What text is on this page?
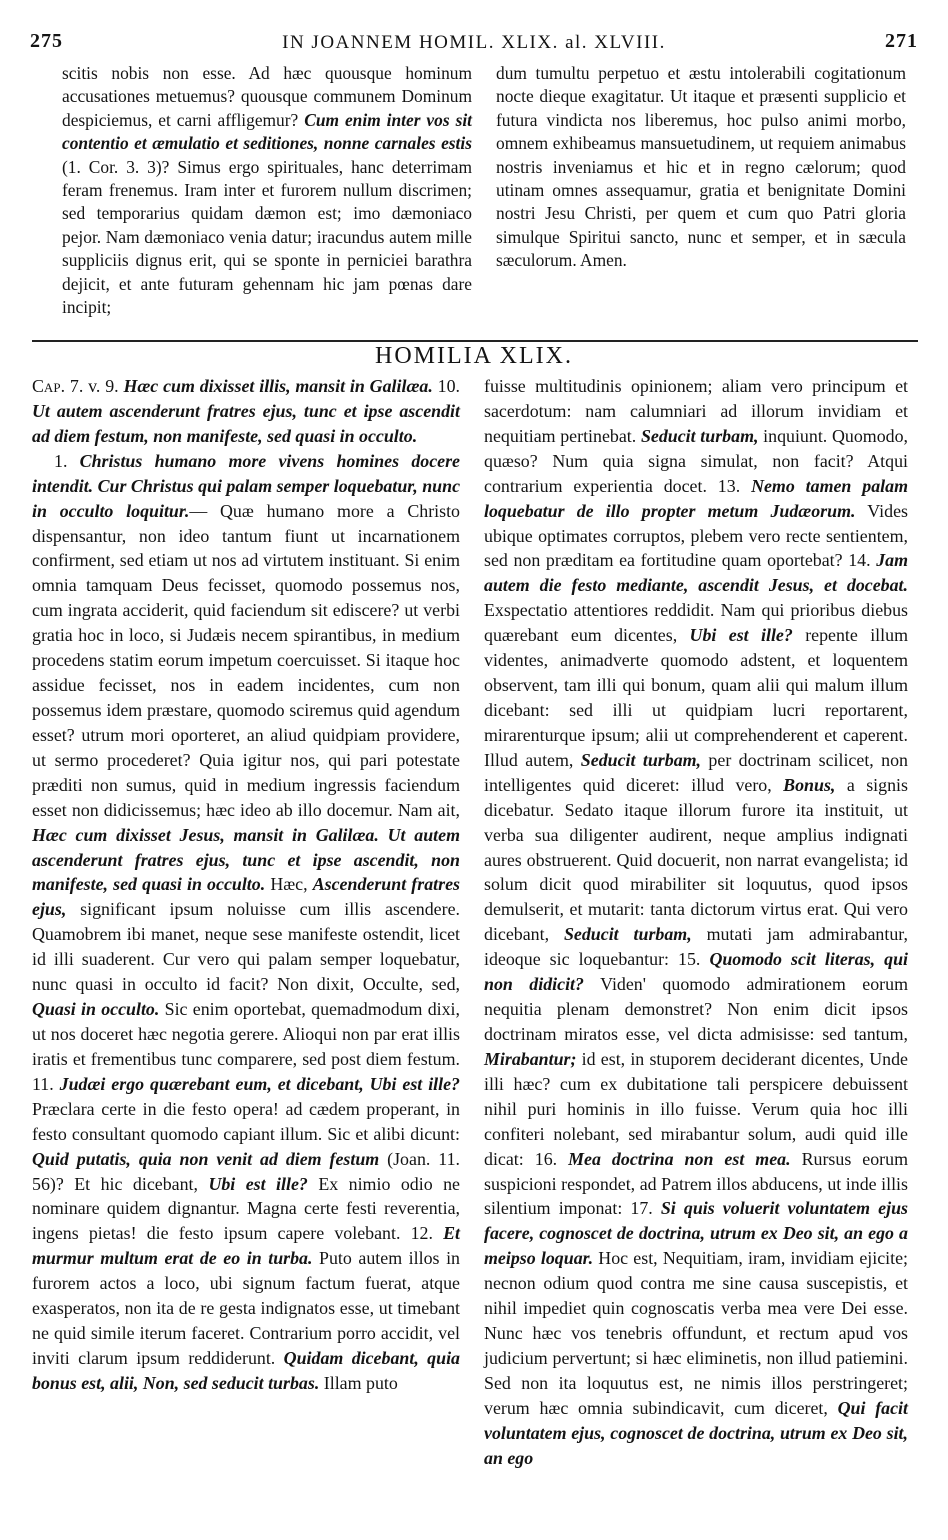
275	IN JOANNEM HOMIL. XLIX. al. XLVIII.	271

scitis nobis non esse. Ad hæc quousque hominum accusationes metuemus? quousque communem Dominum despiciemus, et carni affligemur? Cum enim inter vos sit contentio et æmulatio et seditiones, nonne carnales estis (1. Cor. 3. 3)? Simus ergo spirituales, hanc deterrimam feram frenemus. Iram inter et furorem nullum discrimen; sed temporarius quidam dæmon est; imo dæmoniaco pejor. Nam dæmoniaco venia datur; iracundus autem mille suppliciis dignus erit, qui se sponte in perniciei barathra dejicit, et ante futuram gehennam hic jam pœnas dare incipit;

dum tumultu perpetuo et æstu intolerabili cogitationum nocte dieque exagitatur. Ut itaque et præsenti supplicio et futura vindicta nos liberemus, hoc pulso animi morbo, omnem exhibeamus mansuetudinem, ut requiem animabus nostris inveniamus et hic et in regno cælorum; quod utinam omnes assequamur, gratia et benignitate Domini nostri Jesu Christi, per quem et cum quo Patri gloria simulque Spiritui sancto, nunc et semper, et in sæcula sæculorum. Amen.

HOMILIA XLIX.

Cap. 7. v. 9. Hæc cum dixisset illis, mansit in Galilæa. 10. Ut autem ascenderunt fratres ejus, tunc et ipse ascendit ad diem festum, non manifeste, sed quasi in occulto.

1. Christus humano more vivens homines docere intendit. Cur Christus qui palam semper loquebatur, nunc in occulto loquitur.— Quæ humano more a Christo dispensantur, non ideo tantum fiunt ut incarnationem confirment, sed etiam ut nos ad virtutem instituant. Si enim omnia tamquam Deus fecisset, quomodo possemus nos, cum ingrata acciderit, quid faciendum sit ediscere? ut verbi gratia hoc in loco, si Judæis necem spirantibus, in medium procedens statim eorum impetum coercuisset. Si itaque hoc assidue fecisset, nos in eadem incidentes, cum non possemus idem præstare, quomodo sciremus quid agendum esset? utrum mori oporteret, an aliud quidpiam providere, ut sermo procederet? Quia igitur nos, qui pari potestate præditi non sumus, quid in medium ingressis faciendum esset non didicissemus; hæc ideo ab illo docemur. Nam ait, Hæc cum dixisset Jesus, mansit in Galilæa. Ut autem ascenderunt fratres ejus, tunc et ipse ascendit, non manifeste, sed quasi in occulto. Hæc, Ascenderunt fratres ejus, significant ipsum noluisse cum illis ascendere. Quamobrem ibi manet, neque sese manifeste ostendit, licet id illi suaderent. Cur vero qui palam semper loquebatur, nunc quasi in occulto id facit? Non dixit, Occulte, sed, Quasi in occulto. Sic enim oportebat, quemadmodum dixi, ut nos doceret hæc negotia gerere. Alioqui non par erat illis iratis et frementibus tunc comparere, sed post diem festum. 11. Judæi ergo quærebant eum, et dicebant, Ubi est ille? Præclara certe in die festo opera! ad cædem properant, in festo consultant quomodo capiant illum. Sic et alibi dicunt: Quid putatis, quia non venit ad diem festum (Joan. 11. 56)? Et hic dicebant, Ubi est ille? Ex nimio odio ne nominare quidem dignantur. Magna certe festi reverentia, ingens pietas! die festo ipsum capere volebant. 12. Et murmur multum erat de eo in turba. Puto autem illos in furorem actos a loco, ubi signum factum fuerat, atque exasperatos, non ita de re gesta indignatos esse, ut timebant ne quid simile iterum faceret. Contrarium porro accidit, vel inviti clarum ipsum reddiderunt. Quidam dicebant, quia bonus est, alii, Non, sed seducit turbas. Illam puto

fuisse multitudinis opinionem; aliam vero principum et sacerdotum: nam calumniari ad illorum invidiam et nequitiam pertinebat. Seducit turbam, inquiunt. Quomodo, quæso? Num quia signa simulat, non facit? Atqui contrarium experientia docet. 13. Nemo tamen palam loquebatur de illo propter metum Judæorum. Vides ubique optimates corruptos, plebem vero recte sentientem, sed non præditam ea fortitudine quam oportebat? 14. Jam autem die festo mediante, ascendit Jesus, et docebat. Exspectatio attentiores reddidit. Nam qui prioribus diebus quærebant eum dicentes, Ubi est ille? repente illum videntes, animadverte quomodo adstent, et loquentem observent, tam illi qui bonum, quam alii qui malum illum dicebant: sed illi ut quidpiam lucri reportarent, mirarenturque ipsum; alii ut comprehenderent et caperent. Illud autem, Seducit turbam, per doctrinam scilicet, non intelligentes quid diceret: illud vero, Bonus, a signis dicebatur. Sedato itaque illorum furore ita instituit, ut verba sua diligenter audirent, neque amplius indignati aures obstruerent. Quid docuerit, non narrat evangelista; id solum dicit quod mirabiliter sit loquutus, quod ipsos demulserit, et mutarit: tanta dictorum virtus erat. Qui vero dicebant, Seducit turbam, mutati jam admirabantur, ideoque sic loquebantur: 15. Quomodo scit literas, qui non didicit? Viden' quomodo admirationem eorum nequitia plenam demonstret? Non enim dicit ipsos doctrinam miratos esse, vel dicta admisisse: sed tantum, Mirabantur; id est, in stuporem deciderant dicentes, Unde illi hæc? cum ex dubitatione tali perspicere debuissent nihil puri hominis in illo fuisse. Verum quia hoc illi confiteri nolebant, sed mirabantur solum, audi quid ille dicat: 16. Mea doctrina non est mea. Rursus eorum suspicioni respondet, ad Patrem illos abducens, ut inde illis silentium imponat: 17. Si quis voluerit voluntatem ejus facere, cognoscet de doctrina, utrum ex Deo sit, an ego a meipso loquar. Hoc est, Nequitiam, iram, invidiam ejicite; necnon odium quod contra me sine causa suscepistis, et nihil impediet quin cognoscatis verba mea vere Dei esse. Nunc hæc vos tenebris offundunt, et rectum apud vos judicium pervertunt; si hæc eliminetis, non illud patiemini. Sed non ita loquutus est, ne nimis illos perstringeret; verum hæc omnia subindicavit, cum diceret, Qui facit voluntatem ejus, cognoscet de doctrina, utrum ex Deo sit, an ego
